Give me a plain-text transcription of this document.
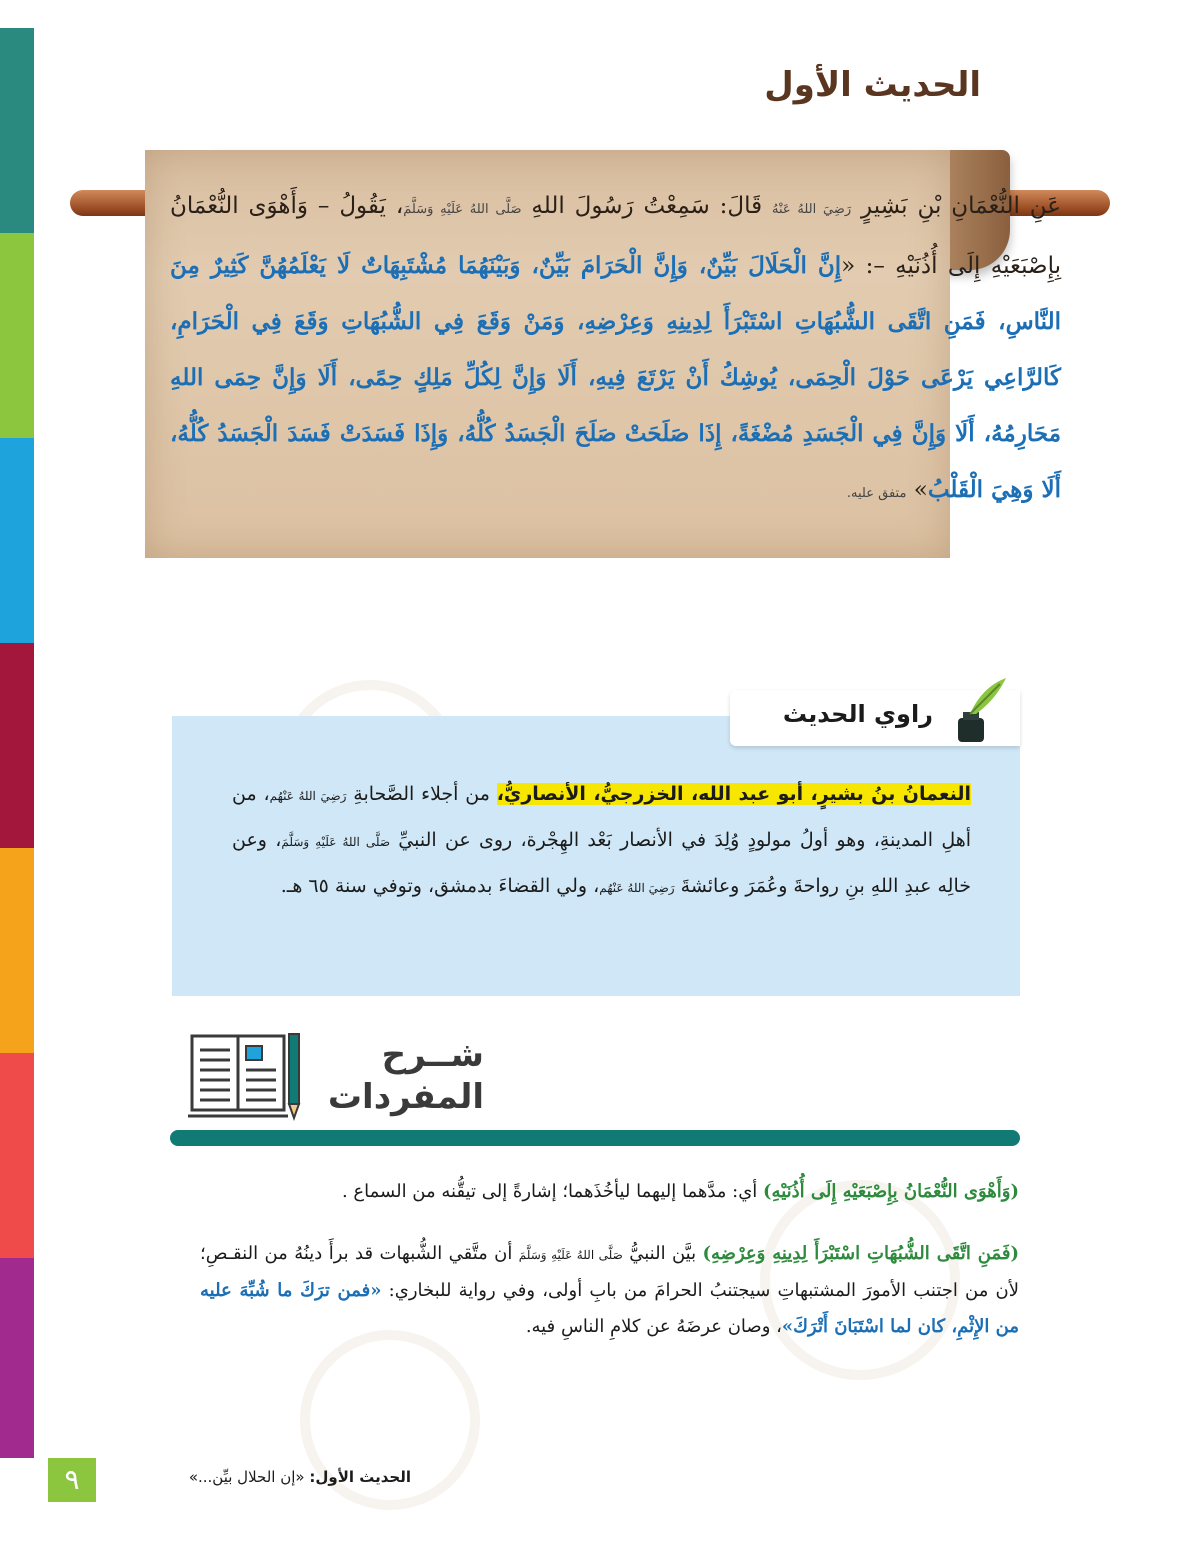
الحديث الأول

عَنِ النُّعْمَانِ بْنِ بَشِيرٍ رَضِيَ اللهُ عَنْهُ قَالَ: سَمِعْتُ رَسُولَ اللهِ صَلَّى اللهُ عَلَيْهِ وَسَلَّمَ، يَقُولُ – وَأَهْوَى النُّعْمَانُ بِإِصْبَعَيْهِ إِلَى أُذُنَيْهِ –: «إِنَّ الْحَلَالَ بَيِّنٌ، وَإِنَّ الْحَرَامَ بَيِّنٌ، وَبَيْنَهُمَا مُشْتَبِهَاتٌ لَا يَعْلَمُهُنَّ كَثِيرٌ مِنَ النَّاسِ، فَمَنِ اتَّقَى الشُّبُهَاتِ اسْتَبْرَأَ لِدِينِهِ وَعِرْضِهِ، وَمَنْ وَقَعَ فِي الشُّبُهَاتِ وَقَعَ فِي الْحَرَامِ، كَالرَّاعِي يَرْعَى حَوْلَ الْحِمَى، يُوشِكُ أَنْ يَرْتَعَ فِيهِ، أَلَا وَإِنَّ لِكُلِّ مَلِكٍ حِمًى، أَلَا وَإِنَّ حِمَى اللهِ مَحَارِمُهُ، أَلَا وَإِنَّ فِي الْجَسَدِ مُضْغَةً، إِذَا صَلَحَتْ صَلَحَ الْجَسَدُ كُلُّهُ، وَإِذَا فَسَدَتْ فَسَدَ الْجَسَدُ كُلُّهُ، أَلَا وَهِيَ الْقَلْبُ» متفق عليه.

راوي الحديث

النعمانُ بنُ بشيرٍ، أبو عبد الله، الخزرجيُّ، الأنصاريُّ، من أجلاء الصَّحابةِ رَضِيَ اللهُ عَنْهُم، من أهلِ المدينةِ، وهو أولُ مولودٍ وُلِدَ في الأنصار بَعْد الهِجْرة، روى عن النبيِّ صَلَّى اللهُ عَلَيْهِ وَسَلَّمَ، وعن خالِه عبدِ اللهِ بنِ رواحةَ وعُمَرَ وعائشةَ رَضِيَ اللهُ عَنْهُم، ولي القضاءَ بدمشق، وتوفي سنة ٦٥ هـ.

شــرح
المفردات

(وَأَهْوَى النُّعْمَانُ بِإِصْبَعَيْهِ إِلَى أُذُنَيْهِ) أي: مدَّهما إليهما ليأخُذَهما؛ إشارةً إلى تيقُّنه من السماع .

(فَمَنِ اتَّقَى الشُّبُهَاتِ اسْتَبْرَأَ لِدِينِهِ وَعِرْضِهِ) بيَّن النبيُّ صَلَّى اللهُ عَلَيْهِ وَسَلَّمَ أن متَّقي الشُّبهات قد برأَ دينُهُ من النقـصِ؛ لأن من اجتنب الأمورَ المشتبهاتِ سيجتنبُ الحرامَ من بابِ أولى، وفي رواية للبخاري: «فمن ترَكَ ما شُبِّهَ عليه من الإِثْمِ، كان لما اسْتَبَانَ أَتْرَكَ»، وصان عرضَهُ عن كلامِ الناسِ فيه.

٩	الحديث الأول: «إن الحلال بيِّن...»
